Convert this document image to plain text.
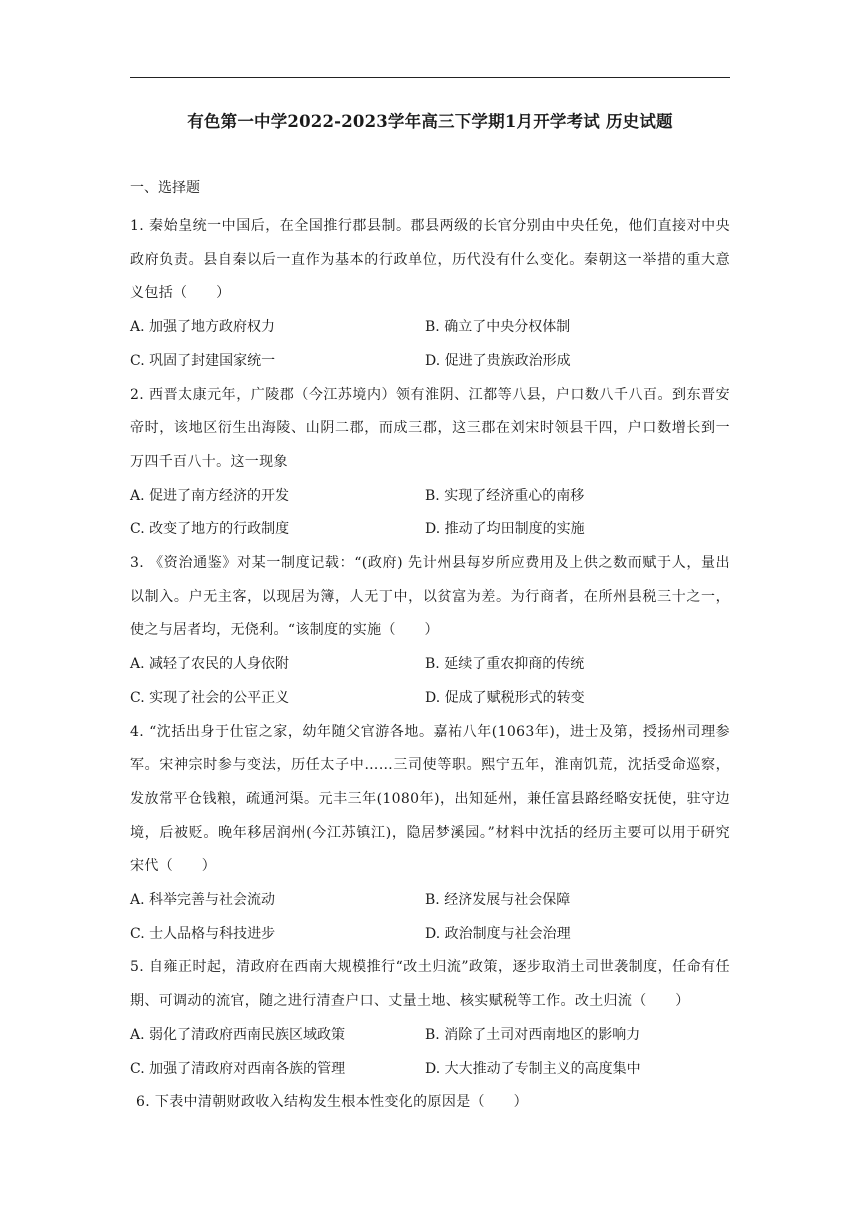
有色第一中学2022-2023学年高三下学期1月开学考试 历史试题
一、选择题

1. 秦始皇统一中国后，在全国推行郡县制。郡县两级的长官分别由中央任免，他们直接对中央政府负责。县自秦以后一直作为基本的行政单位，历代没有什么变化。秦朝这一举措的重大意义包括（　　）

A. 加强了地方政府权力	B. 确立了中央分权体制
C. 巩固了封建国家统一	D. 促进了贵族政治形成

2. 西晋太康元年，广陵郡（今江苏境内）领有淮阴、江都等八县，户口数八千八百。到东晋安帝时，该地区衍生出海陵、山阴二郡，而成三郡，这三郡在刘宋时领县干四，户口数增长到一万四千百八十。这一现象

A. 促进了南方经济的开发	B. 实现了经济重心的南移
C. 改变了地方的行政制度	D. 推动了均田制度的实施

3. 《资治通鉴》对某一制度记载：“(政府) 先计州县每岁所应费用及上供之数而赋于人，量出以制入。户无主客，以现居为簿，人无丁中，以贫富为差。为行商者，在所州县税三十之一，使之与居者均，无侥利。“该制度的实施（　　）

A. 减轻了农民的人身依附	B. 延续了重农抑商的传统
C. 实现了社会的公平正义	D. 促成了赋税形式的转变

4. “沈括出身于仕宦之家，幼年随父官游各地。嘉祐八年(1063年)，进士及第，授扬州司理参军。宋神宗时参与变法，历任太子中……三司使等职。熙宁五年，淮南饥荒，沈括受命巡察，发放常平仓钱粮，疏通河渠。元丰三年(1080年)，出知延州，兼任富县路经略安抚使，驻守边境，后被贬。晚年移居润州(今江苏镇江)，隐居梦溪园。”材料中沈括的经历主要可以用于研究宋代（　　）

A. 科举完善与社会流动	B. 经济发展与社会保障
C. 士人品格与科技进步	D. 政治制度与社会治理

5. 自雍正时起，清政府在西南大规模推行“改土归流”政策，逐步取消土司世袭制度，任命有任期、可调动的流官，随之进行清查户口、丈量土地、核实赋税等工作。改土归流（　　）

A. 弱化了清政府西南民族区域政策	B. 消除了土司对西南地区的影响力
C. 加强了清政府对西南各族的管理	D. 大大推动了专制主义的高度集中

6. 下表中清朝财政收入结构发生根本性变化的原因是（　　）
